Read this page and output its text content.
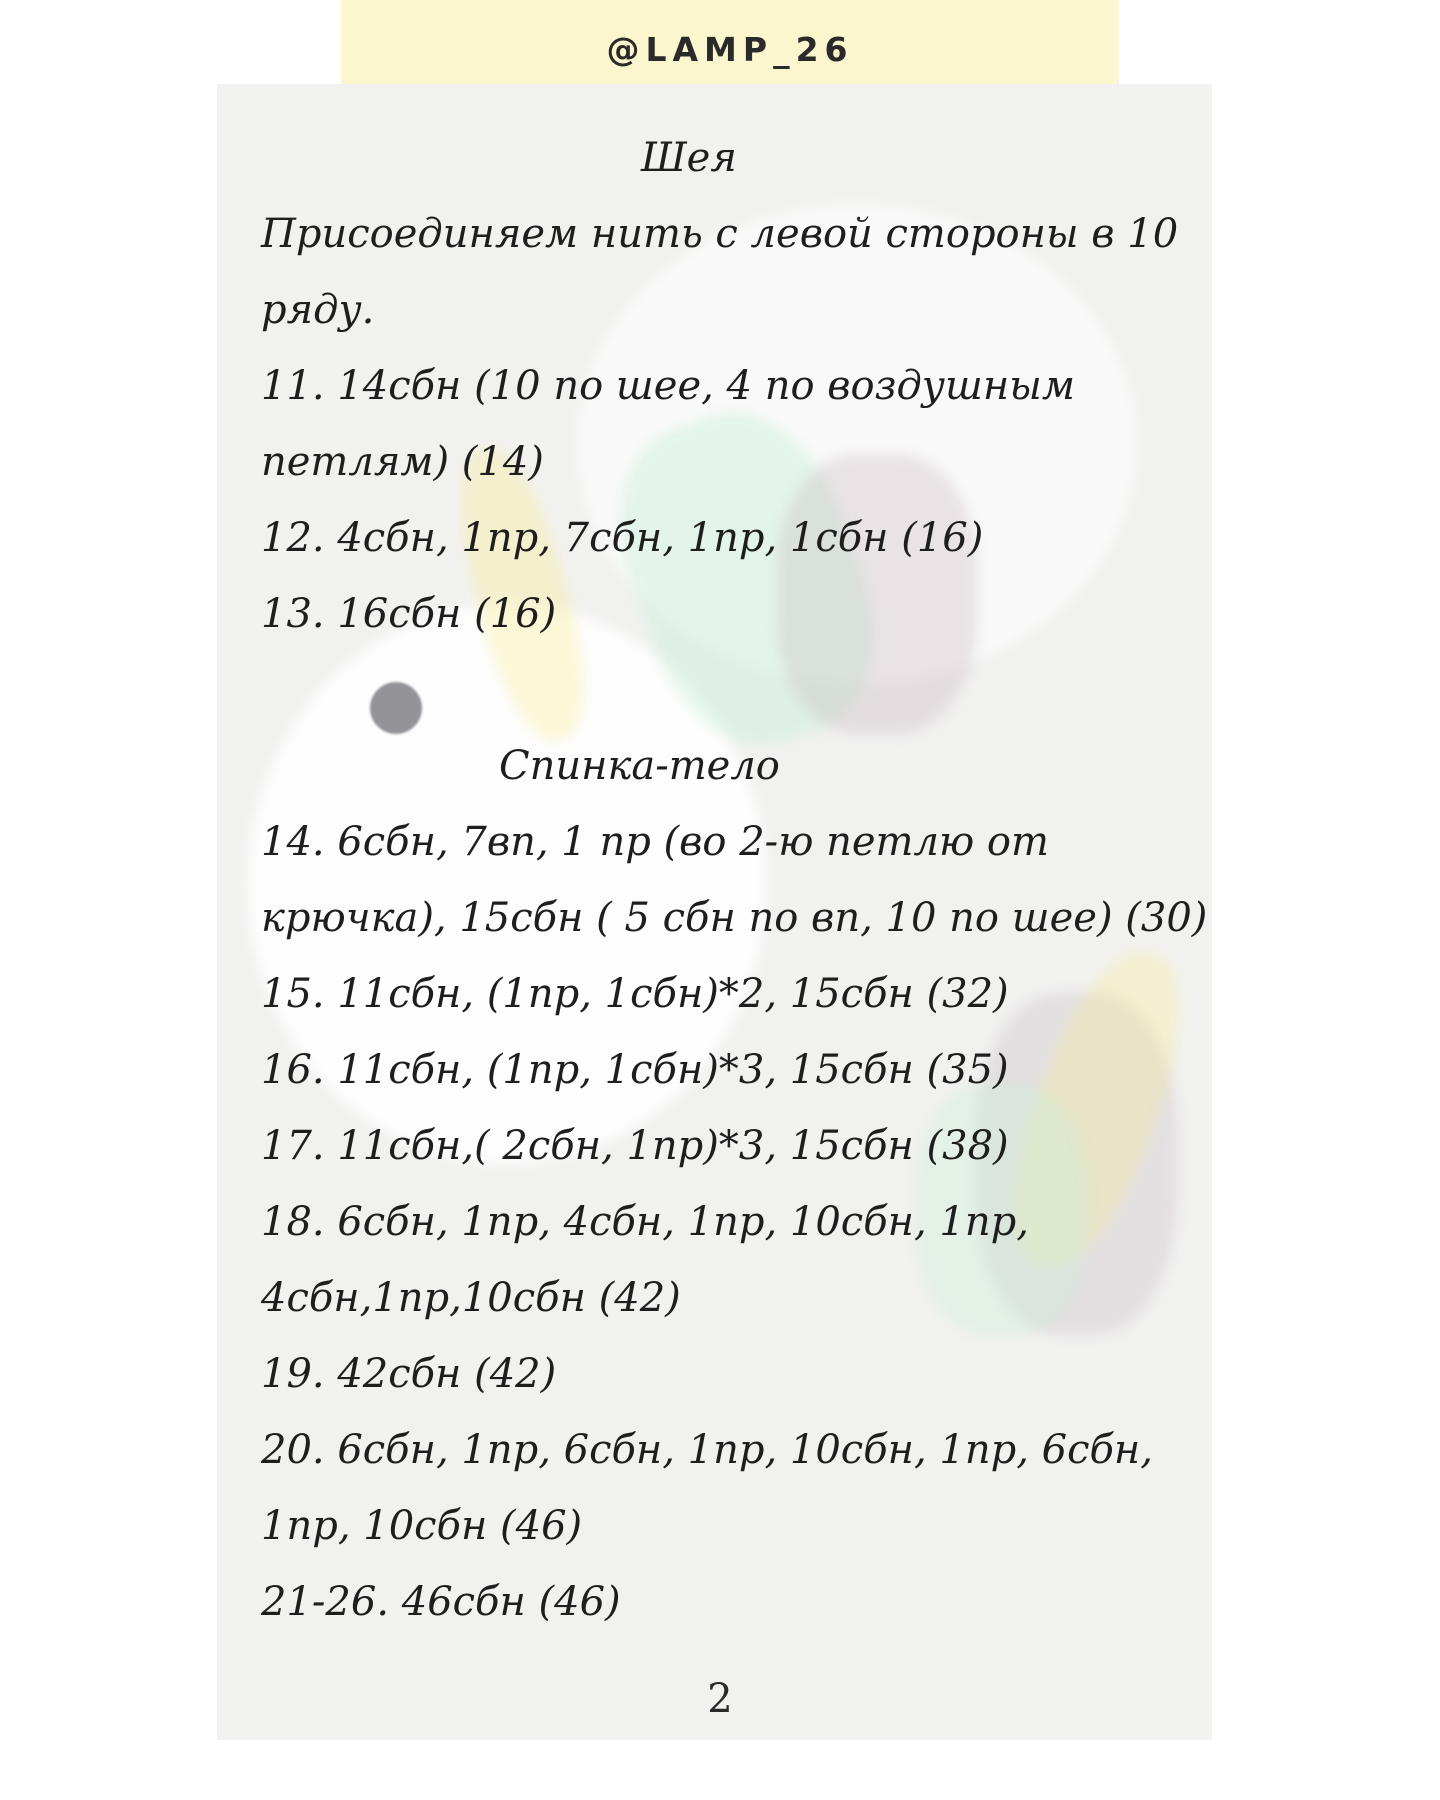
@LAMP_26
Шея
Присоединяем нить с левой стороны в 10
ряду.
11. 14сбн (10 по шее, 4 по воздушным
петлям) (14)
12. 4сбн, 1пр, 7сбн, 1пр, 1сбн (16)
13. 16сбн (16)
Спинка-тело
14. 6сбн, 7вп, 1 пр (во 2-ю петлю от
крючка), 15сбн ( 5 сбн по вп, 10 по шее) (30)
15. 11сбн, (1пр, 1сбн)*2, 15сбн (32)
16. 11сбн, (1пр, 1сбн)*3, 15сбн (35)
17. 11сбн,( 2сбн, 1пр)*3, 15сбн (38)
18. 6сбн, 1пр, 4сбн, 1пр, 10сбн, 1пр,
4сбн,1пр,10сбн (42)
19. 42сбн (42)
20. 6сбн, 1пр, 6сбн, 1пр, 10сбн, 1пр, 6сбн,
1пр, 10сбн (46)
21-26. 46сбн (46)
2
